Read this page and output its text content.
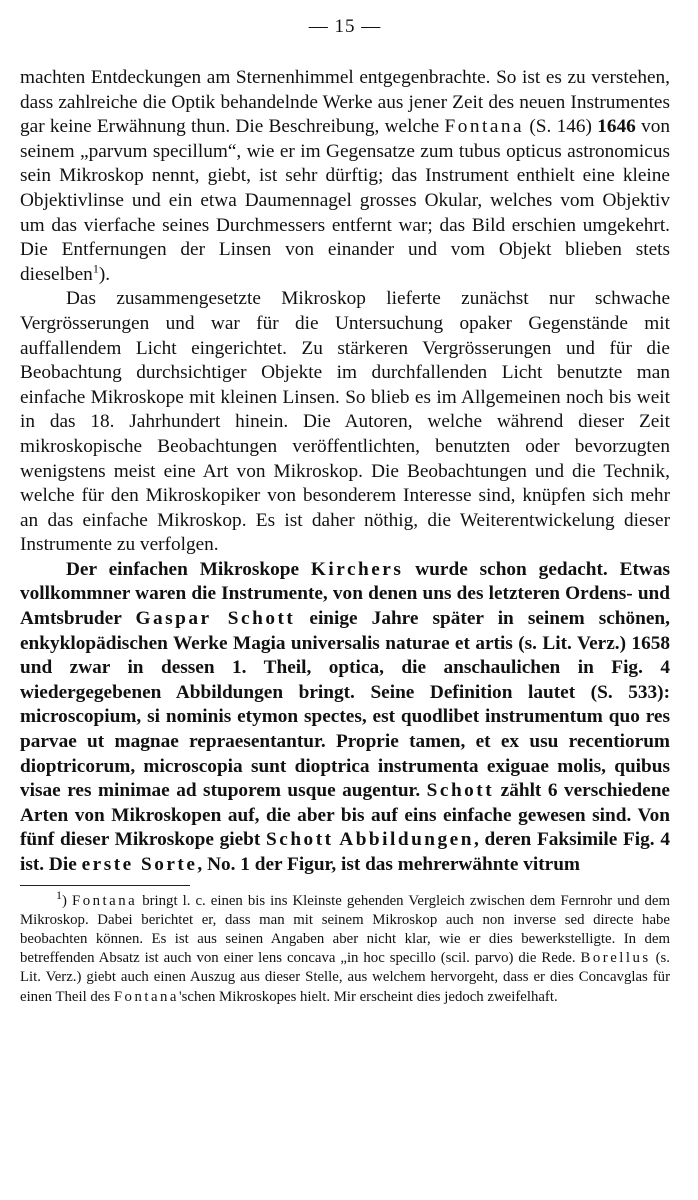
— 15 —

machten Entdeckungen am Sternenhimmel entgegenbrachte. So ist es zu verstehen, dass zahlreiche die Optik behandelnde Werke aus jener Zeit des neuen Instrumentes gar keine Erwähnung thun. Die Beschreibung, welche Fontana (S. 146) 1646 von seinem „parvum specillum“, wie er im Gegensatze zum tubus opticus astronomicus sein Mikroskop nennt, giebt, ist sehr dürftig; das Instrument enthielt eine kleine Objektivlinse und ein etwa Daumennagel grosses Okular, welches vom Objektiv um das vierfache seines Durchmessers entfernt war; das Bild erschien umgekehrt. Die Entfernungen der Linsen von einander und vom Objekt blieben stets dieselben$^1$).

Das zusammengesetzte Mikroskop lieferte zunächst nur schwache Vergrösserungen und war für die Untersuchung opaker Gegenstände mit auffallendem Licht eingerichtet. Zu stärkeren Vergrösserungen und für die Beobachtung durchsichtiger Objekte im durchfallenden Licht benutzte man einfache Mikroskope mit kleinen Linsen. So blieb es im Allgemeinen noch bis weit in das 18. Jahrhundert hinein. Die Autoren, welche während dieser Zeit mikroskopische Beobachtungen veröffentlichten, benutzten oder bevorzugten wenigstens meist eine Art von Mikroskop. Die Beobachtungen und die Technik, welche für den Mikroskopiker von besonderem Interesse sind, knüpfen sich mehr an das einfache Mikroskop. Es ist daher nöthig, die Weiterentwickelung dieser Instrumente zu verfolgen.

Der einfachen Mikroskope Kirchers wurde schon gedacht. Etwas vollkommner waren die Instrumente, von denen uns des letzteren Ordens- und Amtsbruder Gaspar Schott einige Jahre später in seinem schönen, enkyklopädischen Werke Magia universalis naturae et artis (s. Lit. Verz.) 1658 und zwar in dessen 1. Theil, optica, die anschaulichen in Fig. 4 wiedergegebenen Abbildungen bringt. Seine Definition lautet (S. 533): microscopium, si nominis etymon spectes, est quodlibet instrumentum quo res parvae ut magnae repraesentantur. Proprie tamen, et ex usu recentiorum dioptricorum, microscopia sunt dioptrica instrumenta exiguae molis, quibus visae res minimae ad stuporem usque augentur. Schott zählt 6 verschiedene Arten von Mikroskopen auf, die aber bis auf eins einfache gewesen sind. Von fünf dieser Mikroskope giebt Schott Abbildungen, deren Faksimile Fig. 4 ist. Die erste Sorte, No. 1 der Figur, ist das mehrerwähnte vitrum

$^1$) Fontana bringt l. c. einen bis ins Kleinste gehenden Vergleich zwischen dem Fernrohr und dem Mikroskop. Dabei berichtet er, dass man mit seinem Mikroskop auch non inverse sed directe habe beobachten können. Es ist aus seinen Angaben aber nicht klar, wie er dies bewerkstelligte. In dem betreffenden Absatz ist auch von einer lens concava „in hoc specillo (scil. parvo) die Rede. Borellus (s. Lit. Verz.) giebt auch einen Auszug aus dieser Stelle, aus welchem hervorgeht, dass er dies Concavglas für einen Theil des Fontana'schen Mikroskopes hielt. Mir erscheint dies jedoch zweifelhaft.
